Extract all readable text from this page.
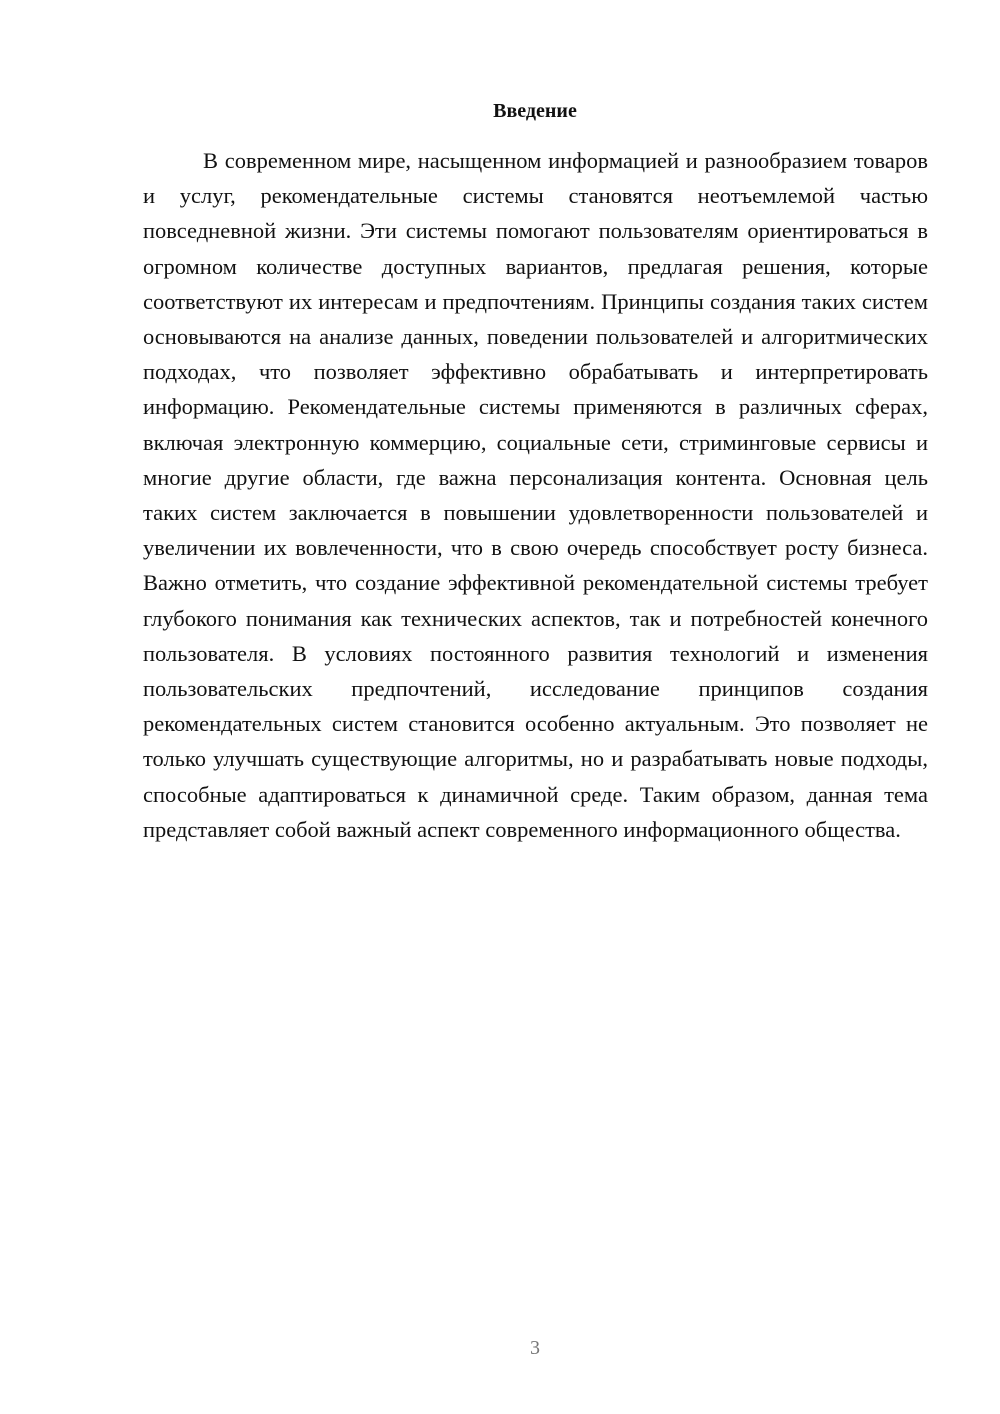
Введение

В современном мире, насыщенном информацией и разнообразием товаров и услуг, рекомендательные системы становятся неотъемлемой частью повседневной жизни. Эти системы помогают пользователям ориентироваться в огромном количестве доступных вариантов, предлагая решения, которые соответствуют их интересам и предпочтениям. Принципы создания таких систем основываются на анализе данных, поведении пользователей и алгоритмических подходах, что позволяет эффективно обрабатывать и интерпретировать информацию. Рекомендательные системы применяются в различных сферах, включая электронную коммерцию, социальные сети, стриминговые сервисы и многие другие области, где важна персонализация контента. Основная цель таких систем заключается в повышении удовлетворенности пользователей и увеличении их вовлеченности, что в свою очередь способствует росту бизнеса. Важно отметить, что создание эффективной рекомендательной системы требует глубокого понимания как технических аспектов, так и потребностей конечного пользователя. В условиях постоянного развития технологий и изменения пользовательских предпочтений, исследование принципов создания рекомендательных систем становится особенно актуальным. Это позволяет не только улучшать существующие алгоритмы, но и разрабатывать новые подходы, способные адаптироваться к динамичной среде. Таким образом, данная тема представляет собой важный аспект современного информационного общества.

3
